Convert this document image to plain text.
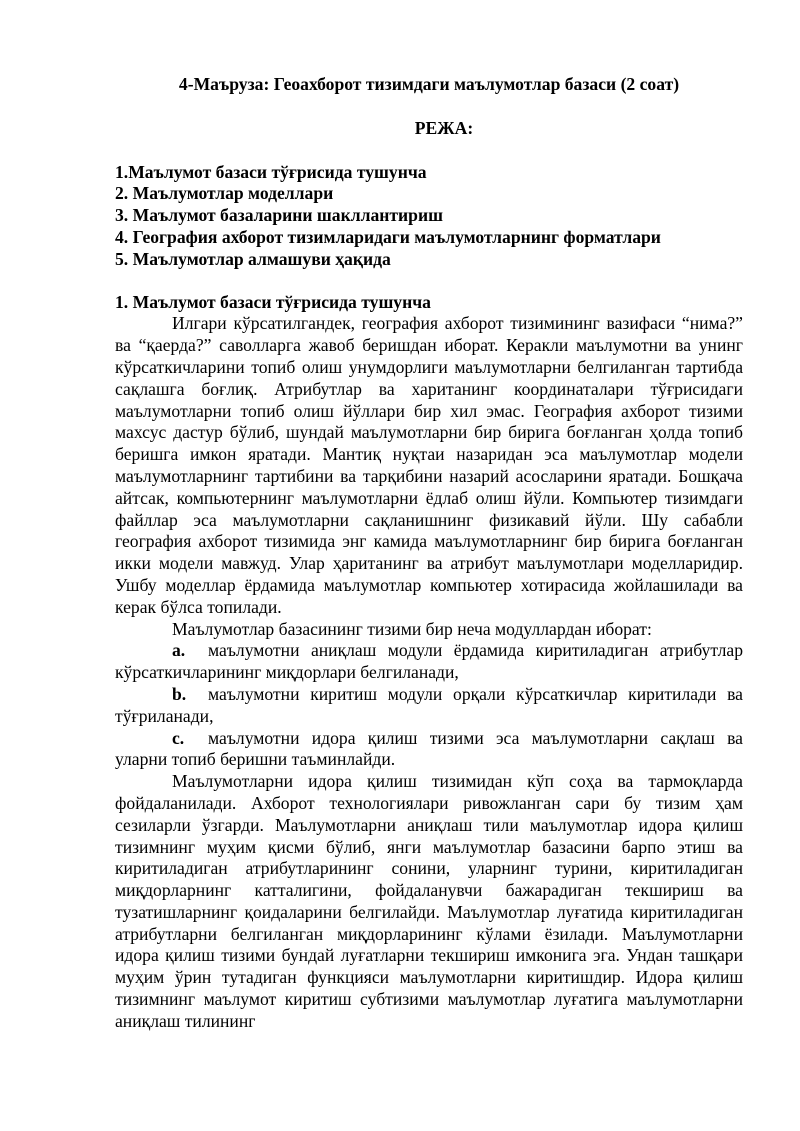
4-Маъруза: Геоахборот тизимдаги маълумотлар базаси (2 соат)
РЕЖА:
1.Маълумот базаси тўғрисида тушунча
2. Маълумотлар моделлари
3. Маълумот базаларини шакллантириш
4. География ахборот тизимларидаги маълумотларнинг форматлари
5. Маълумотлар алмашуви ҳақида
1. Маълумот базаси тўғрисида тушунча

Илгари кўрсатилгандек, география ахборот тизимининг вазифаси “нима?” ва “қаерда?” саволларга жавоб беришдан иборат. Керакли маълумотни ва унинг кўрсаткичларини топиб олиш унумдорлиги маълумотларни белгиланган тартибда сақлашга боғлиқ. Атрибутлар ва хаританинг координаталари тўғрисидаги маълумотларни топиб олиш йўллари бир хил эмас. География ахборот тизими махсус дастур бўлиб, шундай маълумотларни бир бирига боғланган ҳолда топиб беришга имкон яратади. Мантиқ нуқтаи назаридан эса маълумотлар модели маълумотларнинг тартибини ва тарқибини назарий асосларини яратади. Бошқача айтсак, компьютернинг маълумотларни ёдлаб олиш йўли. Компьютер тизимдаги файллар эса маълумотларни сақланишнинг физикавий йўли. Шу сабабли география ахборот тизимида энг камида маълумотларнинг бир бирига боғланган икки модели мавжуд. Улар ҳаританинг ва атрибут маълумотлари моделларидир. Ушбу моделлар ёрдамида маълумотлар компьютер хотирасида жойлашилади ва керак бўлса топилади.

Маълумотлар базасининг тизими бир неча модуллардан иборат:

a. маълумотни аниқлаш модули ёрдамида киритиладиган атрибутлар кўрсаткичларининг миқдорлари белгиланади,
b. маълумотни киритиш модули орқали кўрсаткичлар киритилади ва тўғриланади,
c. маълумотни идора қилиш тизими эса маълумотларни сақлаш ва уларни топиб беришни таъминлайди.

Маълумотларни идора қилиш тизимидан кўп соҳа ва тармоқларда фойдаланилади. Ахборот технологиялари ривожланган сари бу тизим ҳам сезиларли ўзгарди. Маълумотларни аниқлаш тили маълумотлар идора қилиш тизимнинг муҳим қисми бўлиб, янги маълумотлар базасини барпо этиш ва киритиладиган атрибутларининг сонини, уларнинг турини, киритиладиган миқдорларнинг катталигини, фойдаланувчи бажарадиган текшириш ва тузатишларнинг қоидаларини белгилайди. Маълумотлар луғатида киритиладиган атрибутларни белгиланган миқдорларининг кўлами ёзилади. Маълумотларни идора қилиш тизими бундай луғатларни текшириш имконига эга. Ундан ташқари муҳим ўрин тутадиган функцияси маълумотларни киритишдир. Идора қилиш тизимнинг маълумот киритиш субтизими маълумотлар луғатига маълумотларни аниқлаш тилининг
